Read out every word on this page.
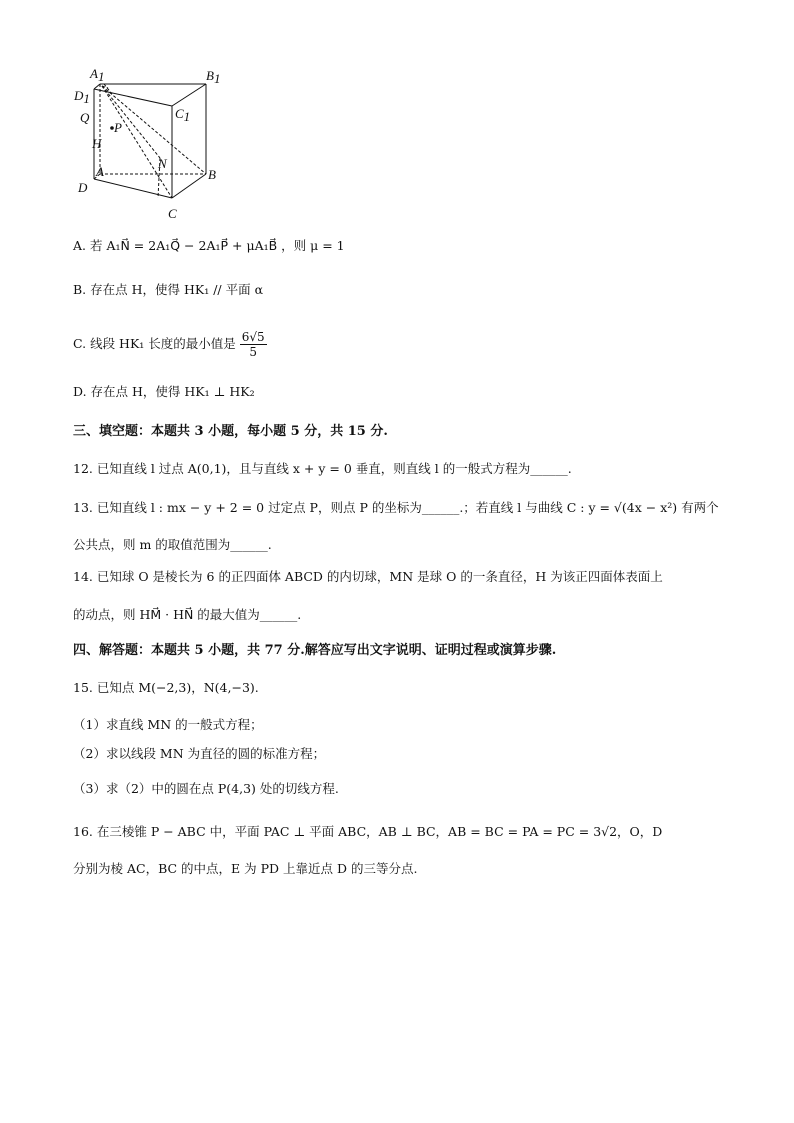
A1	B1
D1
C1
Q
P
H
N
A	B
D
C
A. 若 A₁N⃗ = 2A₁Q⃗ − 2A₁P⃗ + μA₁B⃗ ，则 μ = 1
B. 存在点 H，使得 HK₁ // 平面 α
C. 线段 HK₁ 长度的最小值是 $\frac{6√5}{5}$
D. 存在点 H，使得 HK₁ ⊥ HK₂
三、填空题：本题共 3 小题，每小题 5 分，共 15 分.
12. 已知直线 l 过点 A(0,1)，且与直线 x + y = 0 垂直，则直线 l 的一般式方程为______.
13. 已知直线 l : mx − y + 2 = 0 过定点 P，则点 P 的坐标为______.；若直线 l 与曲线 C : y = √(4x − x²) 有两个
公共点，则 m 的取值范围为______.
14. 已知球 O 是棱长为 6 的正四面体 ABCD 的内切球，MN 是球 O 的一条直径，H 为该正四面体表面上
的动点，则 HM⃗ · HN⃗ 的最大值为______.
四、解答题：本题共 5 小题，共 77 分.解答应写出文字说明、证明过程或演算步骤.
15. 已知点 M(−2,3)，N(4,−3).
（1）求直线 MN 的一般式方程；
（2）求以线段 MN 为直径的圆的标准方程；
（3）求（2）中的圆在点 P(4,3) 处的切线方程.
16. 在三棱锥 P − ABC 中，平面 PAC ⊥ 平面 ABC，AB ⊥ BC，AB = BC = PA = PC = 3√2，O，D
分别为棱 AC，BC 的中点，E 为 PD 上靠近点 D 的三等分点.
